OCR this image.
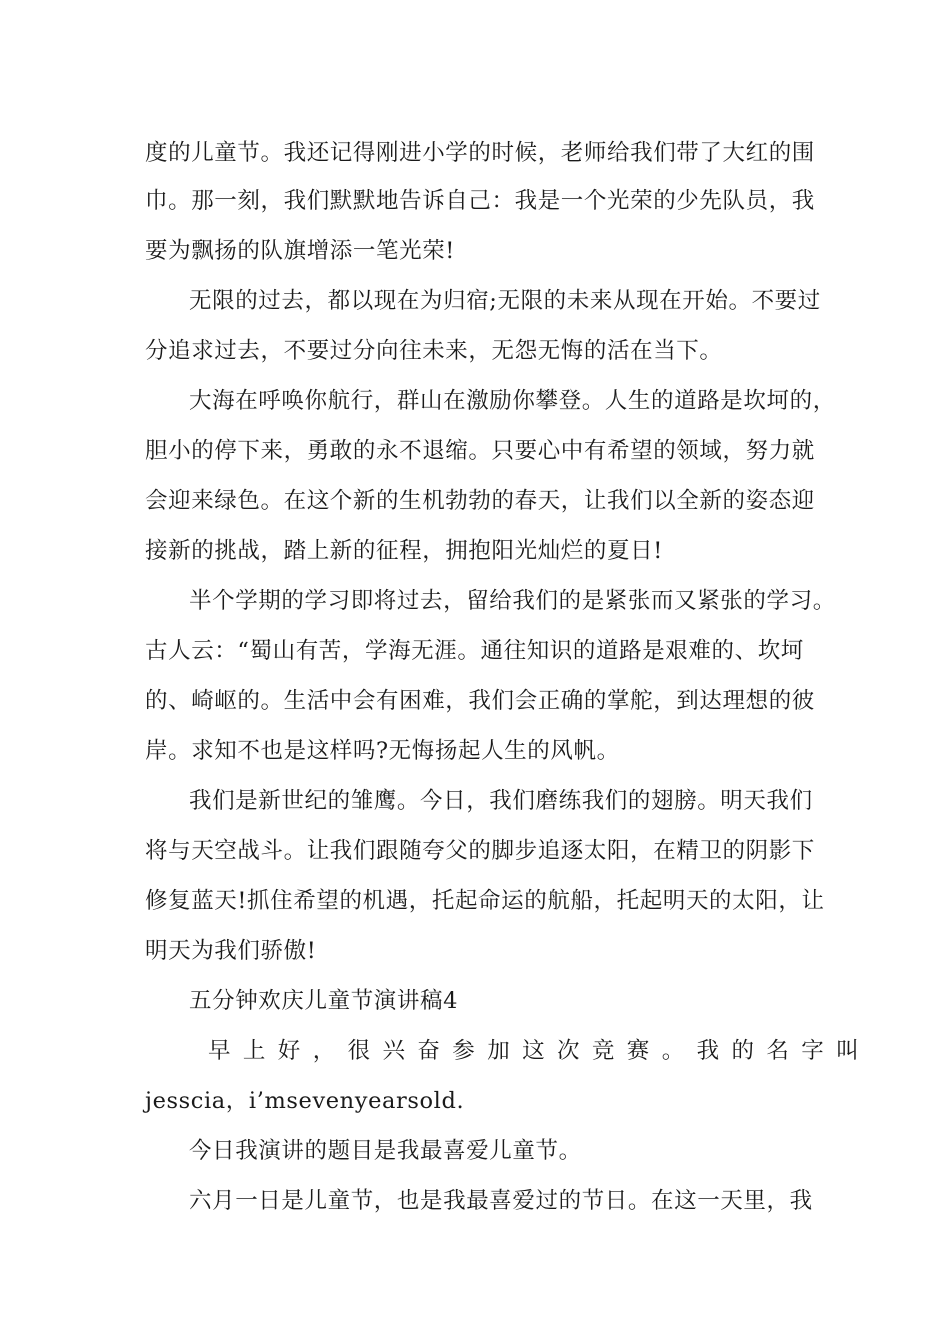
度的儿童节。我还记得刚进小学的时候，老师给我们带了大红的围
巾。那一刻，我们默默地告诉自己：我是一个光荣的少先队员，我
要为飘扬的队旗增添一笔光荣!
无限的过去，都以现在为归宿;无限的未来从现在开始。不要过
分追求过去，不要过分向往未来，无怨无悔的活在当下。
大海在呼唤你航行，群山在激励你攀登。人生的道路是坎坷的，
胆小的停下来，勇敢的永不退缩。只要心中有希望的领域，努力就
会迎来绿色。在这个新的生机勃勃的春天，让我们以全新的姿态迎
接新的挑战，踏上新的征程，拥抱阳光灿烂的夏日!
半个学期的学习即将过去，留给我们的是紧张而又紧张的学习。
古人云：“蜀山有苦，学海无涯。通往知识的道路是艰难的、坎坷
的、崎岖的。生活中会有困难，我们会正确的掌舵，到达理想的彼
岸。求知不也是这样吗?无悔扬起人生的风帆。
我们是新世纪的雏鹰。今日，我们磨练我们的翅膀。明天我们
将与天空战斗。让我们跟随夸父的脚步追逐太阳，在精卫的阴影下
修复蓝天!抓住希望的机遇，托起命运的航船，托起明天的太阳，让
明天为我们骄傲!
五分钟欢庆儿童节演讲稿4
早上好，很兴奋参加这次竞赛。我的名字叫
jesscia，i’msevenyearsold.
今日我演讲的题目是我最喜爱儿童节。
六月一日是儿童节，也是我最喜爱过的节日。在这一天里，我
